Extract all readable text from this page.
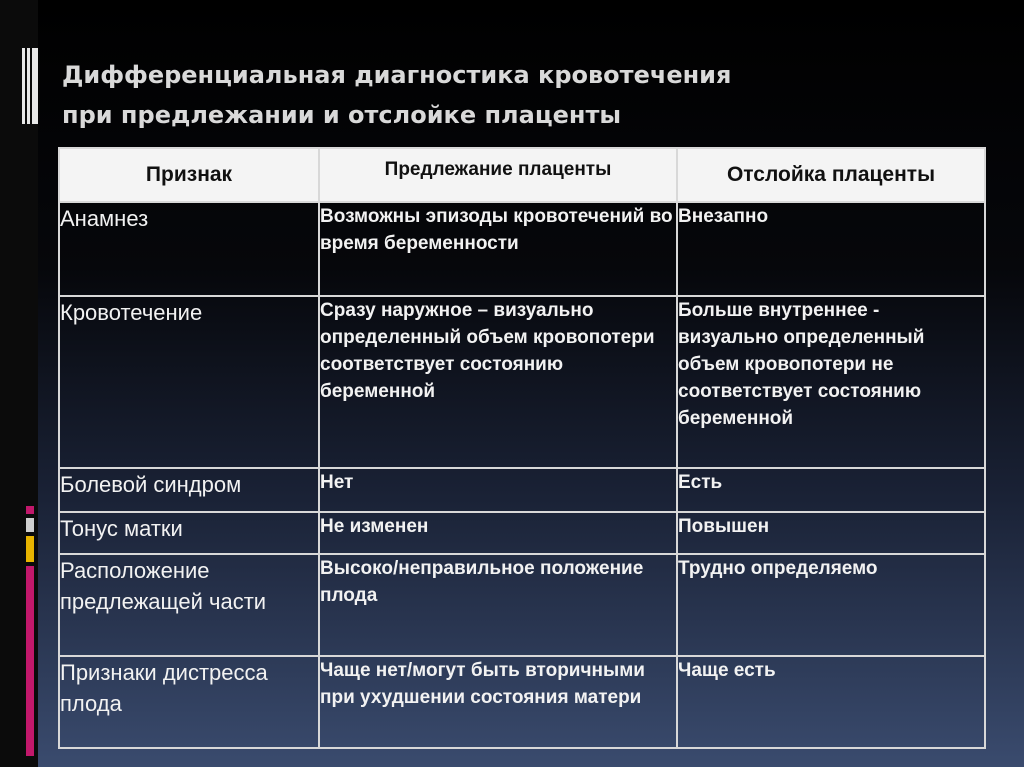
Дифференциальная диагностика кровотечения
при предлежании и отслойке плаценты
Признак	Предлежание плаценты	Отслойка плаценты
Анамнез	Возможны эпизоды кровотечений во время беременности	Внезапно
Кровотечение	Сразу наружное – визуально определенный объем кровопотери соответствует состоянию беременной	Больше внутреннее - визуально определенный объем кровопотери не соответствует состоянию беременной
Болевой синдром	Нет	Есть
Тонус матки	Не изменен	Повышен
Расположение предлежащей части	Высоко/неправильное положение плода	Трудно определяемо
Признаки дистресса плода	Чаще нет/могут быть вторичными при ухудшении состояния матери	Чаще есть
